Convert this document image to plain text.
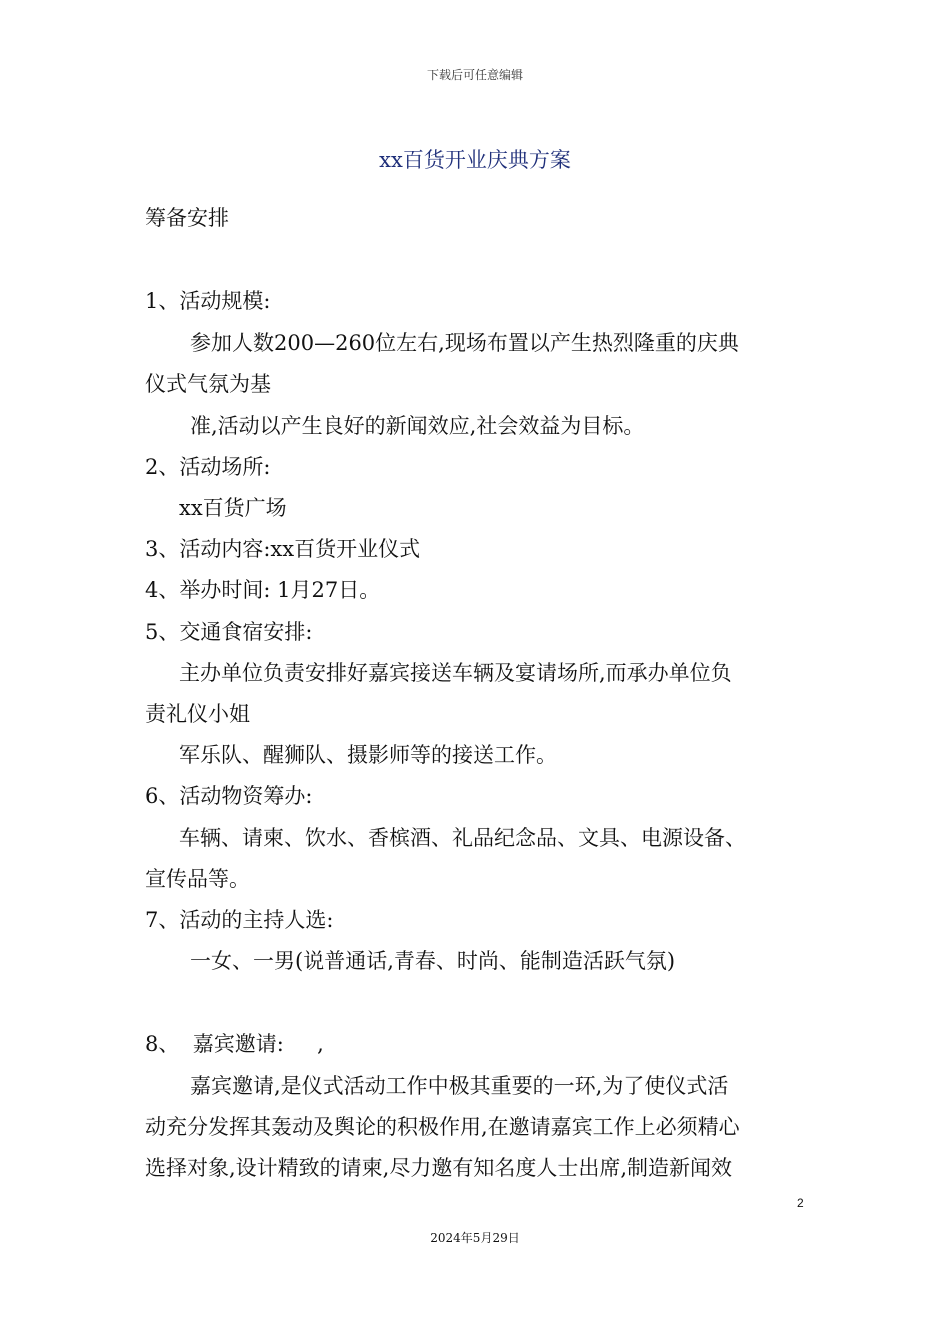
下载后可任意编辑
xx百货开业庆典方案
筹备安排
1、活动规模:
参加人数200—260位左右,现场布置以产生热烈隆重的庆典
仪式气氛为基
准,活动以产生良好的新闻效应,社会效益为目标。
2、活动场所:
xx百货广场
3、活动内容:xx百货开业仪式
4、举办时间: 1月27日。
5、交通食宿安排:
主办单位负责安排好嘉宾接送车辆及宴请场所,而承办单位负
责礼仪小姐
军乐队、醒狮队、摄影师等的接送工作。
6、活动物资筹办:
车辆、请柬、饮水、香槟酒、礼品纪念品、文具、电源设备、
宣传品等。
7、活动的主持人选:
一女、一男(说普通话,青春、时尚、能制造活跃气氛)
8、  嘉宾邀请:     ,
嘉宾邀请,是仪式活动工作中极其重要的一环,为了使仪式活
动充分发挥其轰动及舆论的积极作用,在邀请嘉宾工作上必须精心
选择对象,设计精致的请柬,尽力邀有知名度人士出席,制造新闻效
2
2024年5月29日
